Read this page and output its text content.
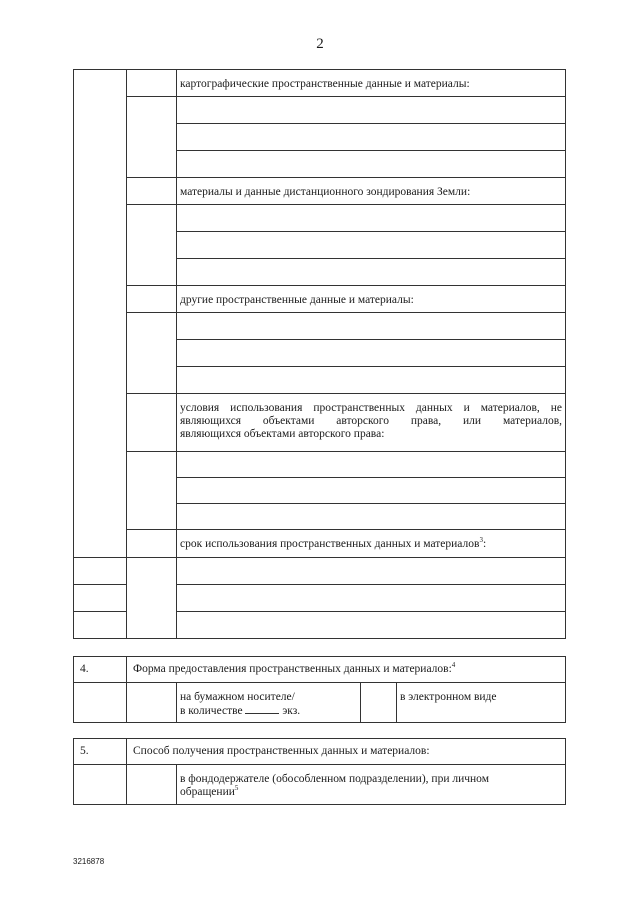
2
		картографические пространственные данные и материалы:

		материалы и данные дистанционного зондирования Земли:

		другие пространственные данные и материалы:

		условия использования пространственных данных и материалов, не
являющихся объектами авторского права, или материалов,
являющихся объектами авторского права:

		срок использования пространственных данных и материалов$^3$:

4.	Форма предоставления пространственных данных и материалов:$^4$

		на бумажном носителе/
в количестве экз.		в электронном виде
5.	Способ получения пространственных данных и материалов:	

		в фондодержателе (обособленном подразделении), при личном
обращении$^5$
3216878
